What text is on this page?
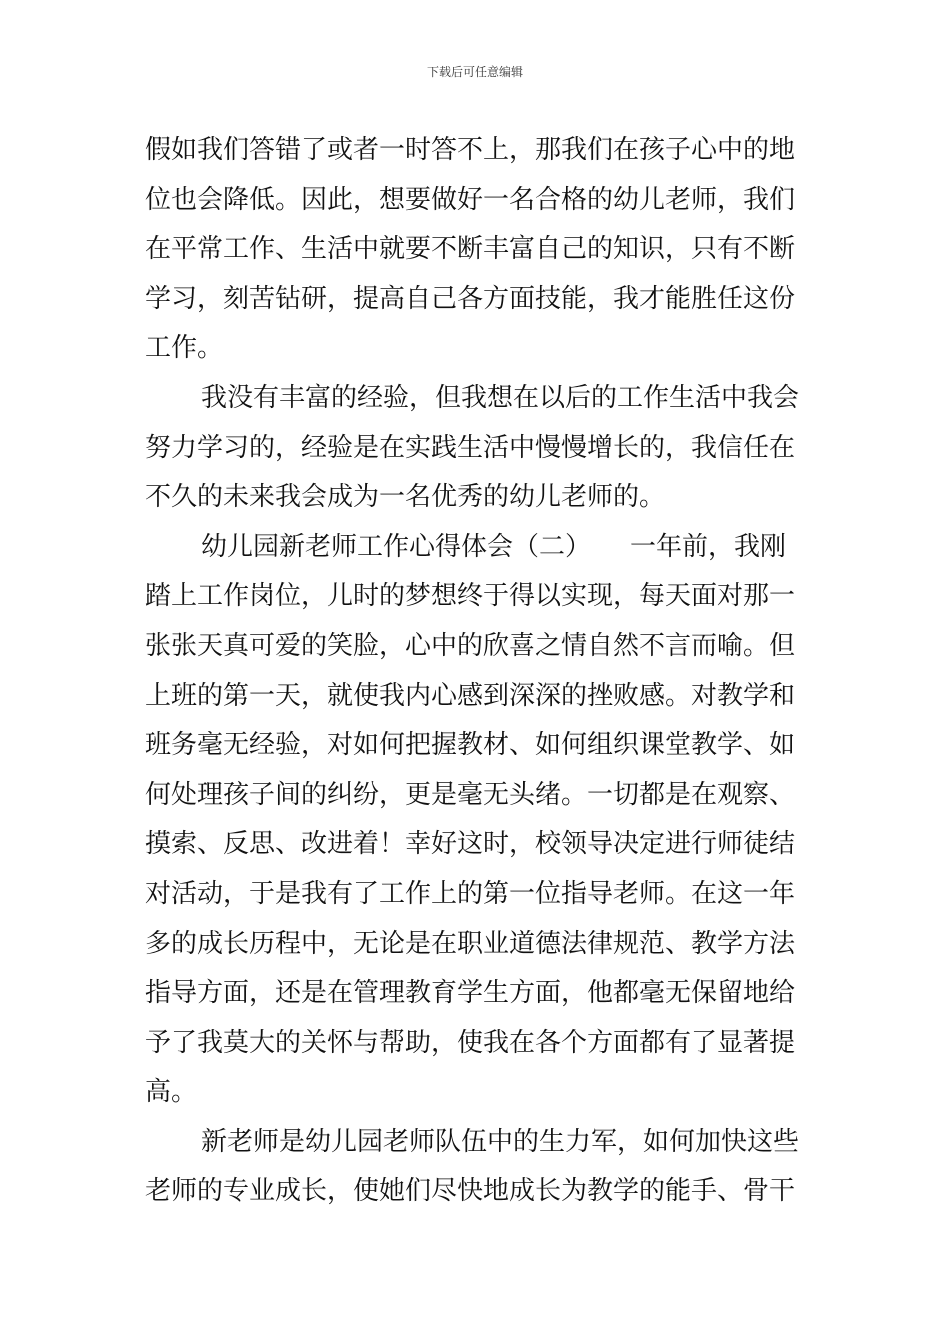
下载后可任意编辑
假如我们答错了或者一时答不上，那我们在孩子心中的地
位也会降低。因此，想要做好一名合格的幼儿老师，我们
在平常工作、生活中就要不断丰富自己的知识，只有不断
学习，刻苦钻研，提高自己各方面技能，我才能胜任这份
工作。
我没有丰富的经验，但我想在以后的工作生活中我会
努力学习的，经验是在实践生活中慢慢增长的，我信任在
不久的未来我会成为一名优秀的幼儿老师的。
幼儿园新老师工作心得体会（二）　　一年前，我刚
踏上工作岗位，儿时的梦想终于得以实现，每天面对那一
张张天真可爱的笑脸，心中的欣喜之情自然不言而喻。但
上班的第一天，就使我内心感到深深的挫败感。对教学和
班务毫无经验，对如何把握教材、如何组织课堂教学、如
何处理孩子间的纠纷，更是毫无头绪。一切都是在观察、
摸索、反思、改进着！幸好这时，校领导决定进行师徒结
对活动，于是我有了工作上的第一位指导老师。在这一年
多的成长历程中，无论是在职业道德法律规范、教学方法
指导方面，还是在管理教育学生方面，他都毫无保留地给
予了我莫大的关怀与帮助，使我在各个方面都有了显著提
高。
新老师是幼儿园老师队伍中的生力军，如何加快这些
老师的专业成长，使她们尽快地成长为教学的能手、骨干
